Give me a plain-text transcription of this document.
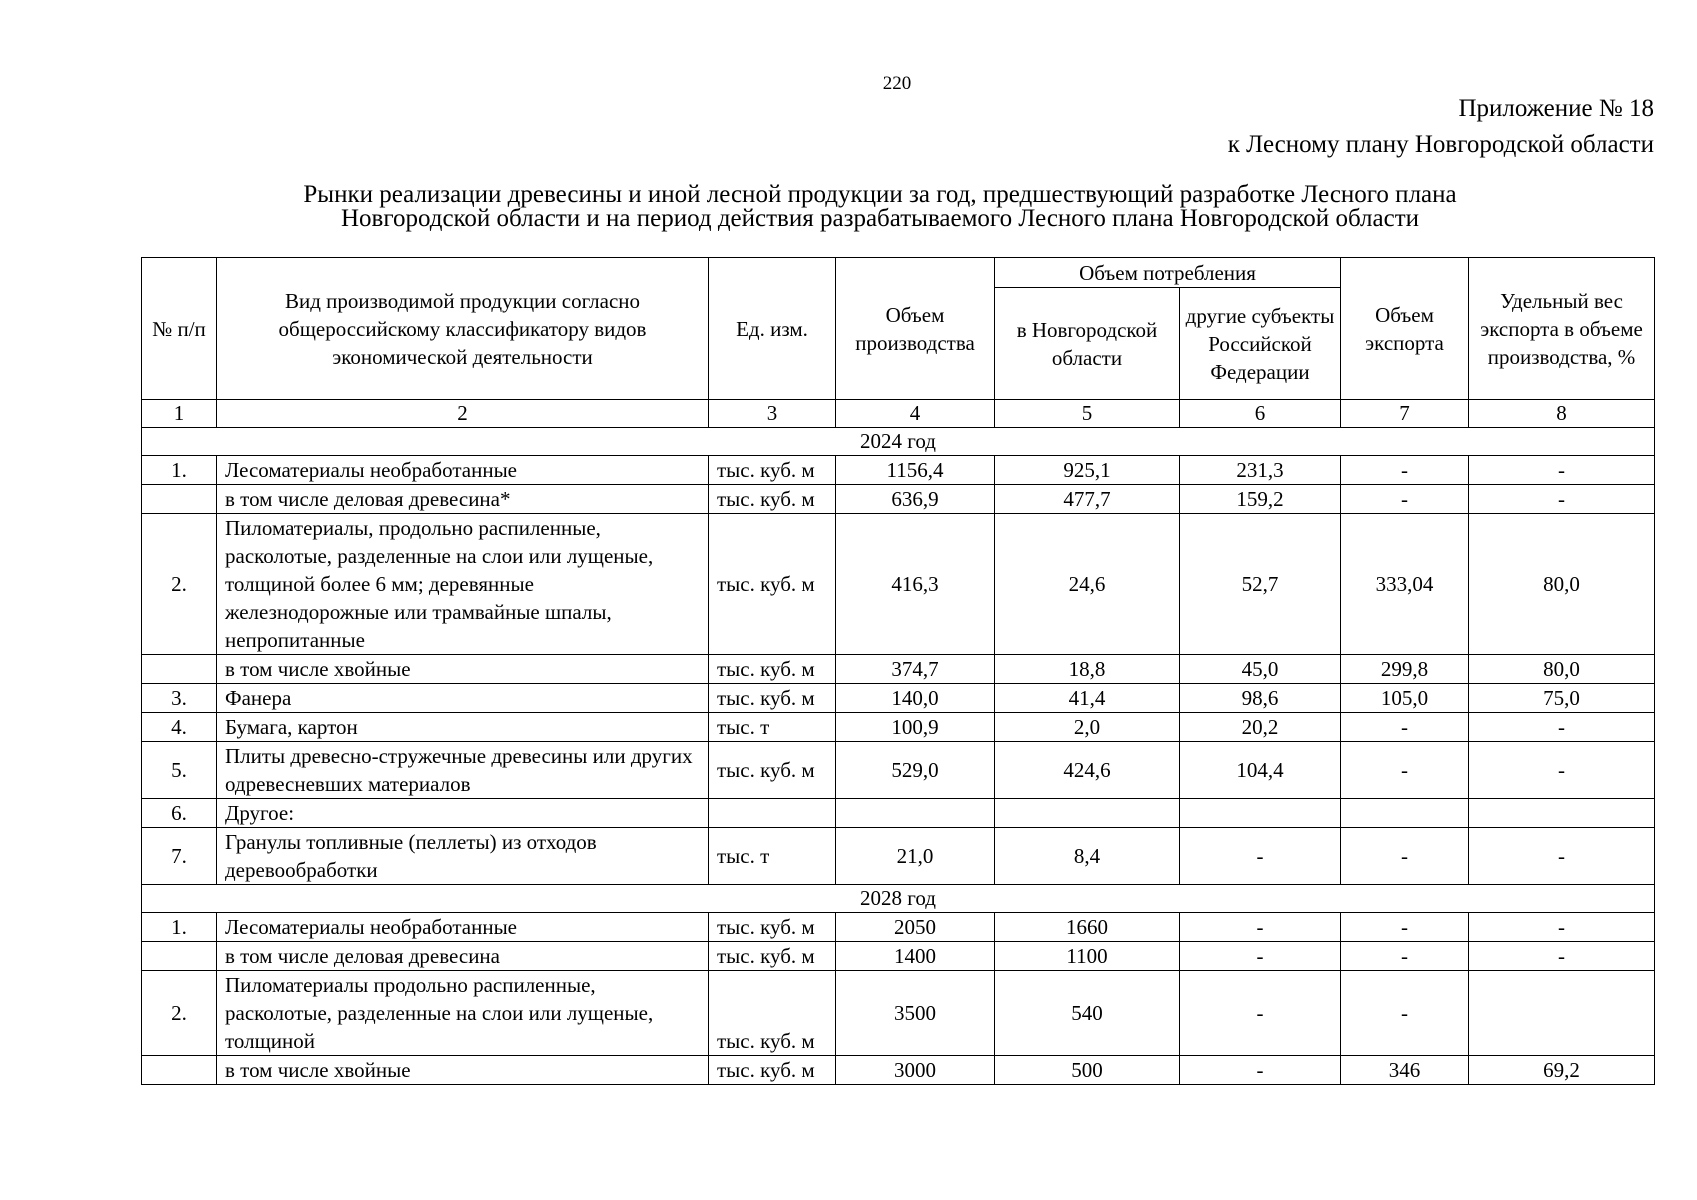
220
Приложение № 18
к Лесному плану Новгородской области
Рынки реализации древесины и иной лесной продукции за год, предшествующий разработке Лесного плана
Новгородской области и на период действия разрабатываемого Лесного плана Новгородской области
№ п/п	Вид производимой продукции согласно общероссийскому классификатору видов экономической деятельности	Ед. изм.	Объем производства	Объем потребления		Объем экспорта	Удельный вес экспорта в объеме производства, %
				в Новгородской области	другие субъекты Российской Федерации		
1	2	3	4	5	6	7	8
2024 год							
1.	Лесоматериалы необработанные	тыс. куб. м	1156,4	925,1	231,3	-	-
	в том числе деловая древесина*	тыс. куб. м	636,9	477,7	159,2	-	-
2.	Пиломатериалы, продольно распиленные, расколотые, разделенные на слои или лущеные, толщиной более 6 мм; деревянные железнодорожные или трамвайные шпалы, непропитанные	тыс. куб. м	416,3	24,6	52,7	333,04	80,0
	в том числе хвойные	тыс. куб. м	374,7	18,8	45,0	299,8	80,0
3.	Фанера	тыс. куб. м	140,0	41,4	98,6	105,0	75,0
4.	Бумага, картон	тыс. т	100,9	2,0	20,2	-	-
5.	Плиты древесно-стружечные древесины или других одревесневших материалов	тыс. куб. м	529,0	424,6	104,4	-	-
6.	Другое:						
7.	Гранулы топливные (пеллеты) из отходов деревообработки	тыс. т	21,0	8,4	-	-	-
2028 год							
1.	Лесоматериалы необработанные	тыс. куб. м	2050	1660	-	-	-
	в том числе деловая древесина	тыс. куб. м	1400	1100	-	-	-
2.	Пиломатериалы продольно распиленные, расколотые, разделенные на слои или лущеные, толщиной	тыс. куб. м	3500	540	-	-	
	в том числе хвойные	тыс. куб. м	3000	500	-	346	69,2
